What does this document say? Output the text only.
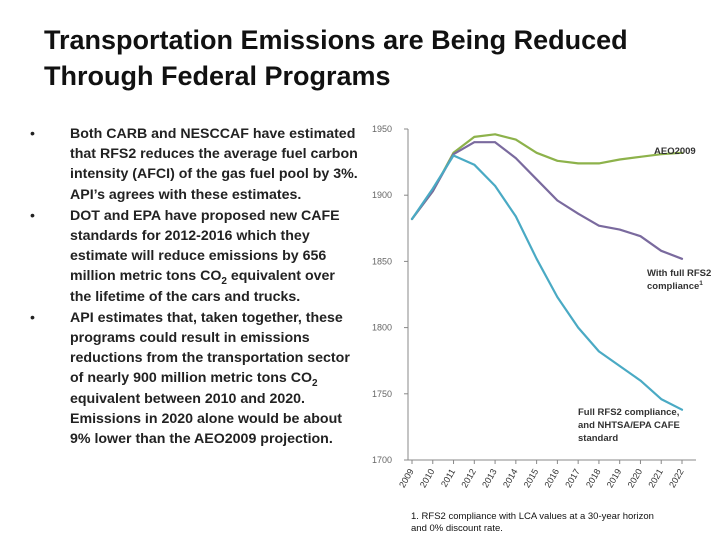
Transportation Emissions are Being Reduced
Through Federal Programs
• Both CARB and NESCCAF have estimated that RFS2 reduces the average fuel carbon intensity (AFCI) of the gas fuel pool by 3%. API’s agrees with these estimates.
• DOT and EPA have proposed new CAFE standards for 2012-2016 which they estimate will reduce emissions by 656 million metric tons $CO_2$ equivalent over the lifetime of the cars and trucks.
• API estimates that, taken together, these programs could result in emissions reductions from the transportation sector of nearly 900 million metric tons $CO_2$ equivalent between 2010 and 2020. Emissions in 2020 alone would be about 9% lower than the AEO2009 projection.
1700
1750
1800
1850
1900
1950
2009 2010 2011 2012 2013 2014 2015 2016 2017 2018 2019 2020 2021 2022
AEO2009
With full RFS2
compliance$^1$
Full RFS2 compliance,
and NHTSA/EPA CAFE
standard
1. RFS2 compliance with LCA values at a 30-year horizon
and 0% discount rate.
